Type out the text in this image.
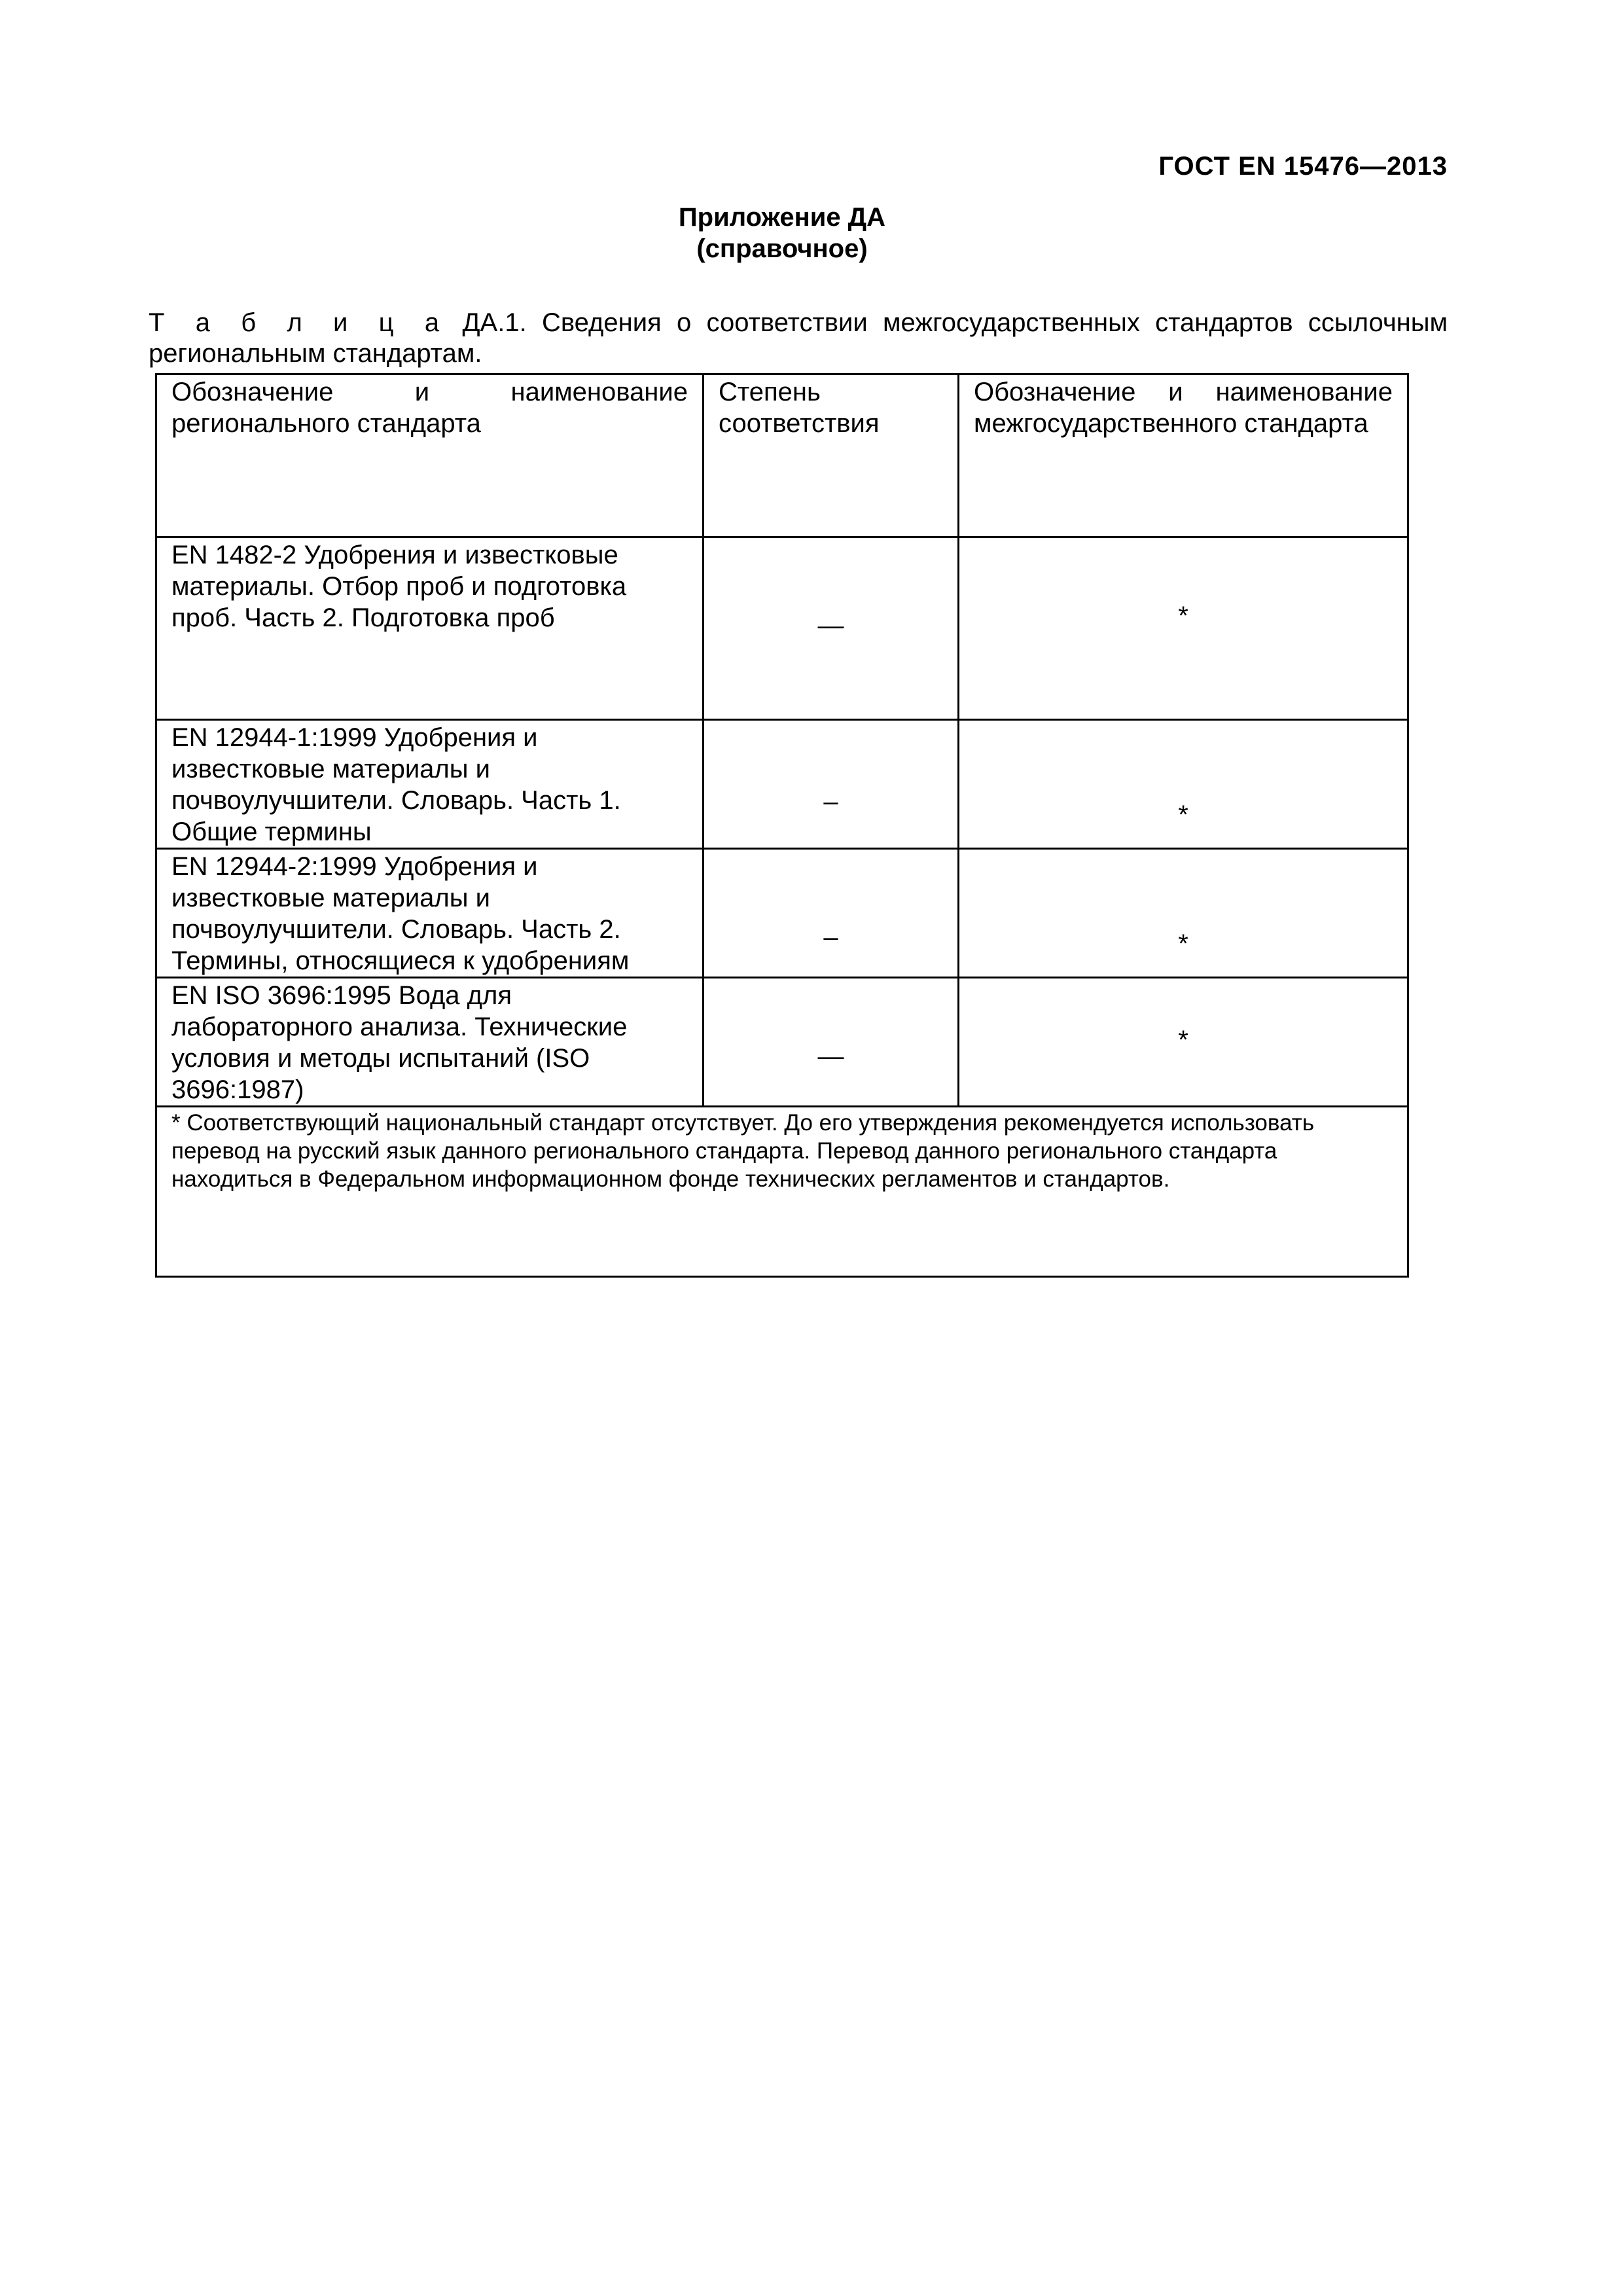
ГОСТ EN 15476—2013
Приложение ДА
(справочное)
Т а б л и ц а ДА.1. Сведения о соответствии межгосударственных стандартов ссылочным региональным стандартам.
Обозначение и наименование регионального стандарта	Степень соответствия	Обозначение и наименование межгосударственного стандарта

EN 1482-2 Удобрения и известковые материалы. Отбор проб и подготовка проб. Часть 2. Подготовка проб	—	*

EN 12944-1:1999 Удобрения и известковые материалы и почвоулучшители. Словарь. Часть 1. Общие термины	–	*

EN 12944-2:1999 Удобрения и известковые материалы и почвоулучшители. Словарь. Часть 2. Термины, относящиеся к удобрениям	–	*

EN ISO 3696:1995 Вода для лабораторного анализа. Технические условия и методы испытаний (ISO 3696:1987)	—	*

* Соответствующий национальный стандарт отсутствует. До его утверждения рекомендуется использовать перевод на русский язык данного регионального стандарта. Перевод данного регионального стандарта находиться в Федеральном информационном фонде технических регламентов и стандартов.		
